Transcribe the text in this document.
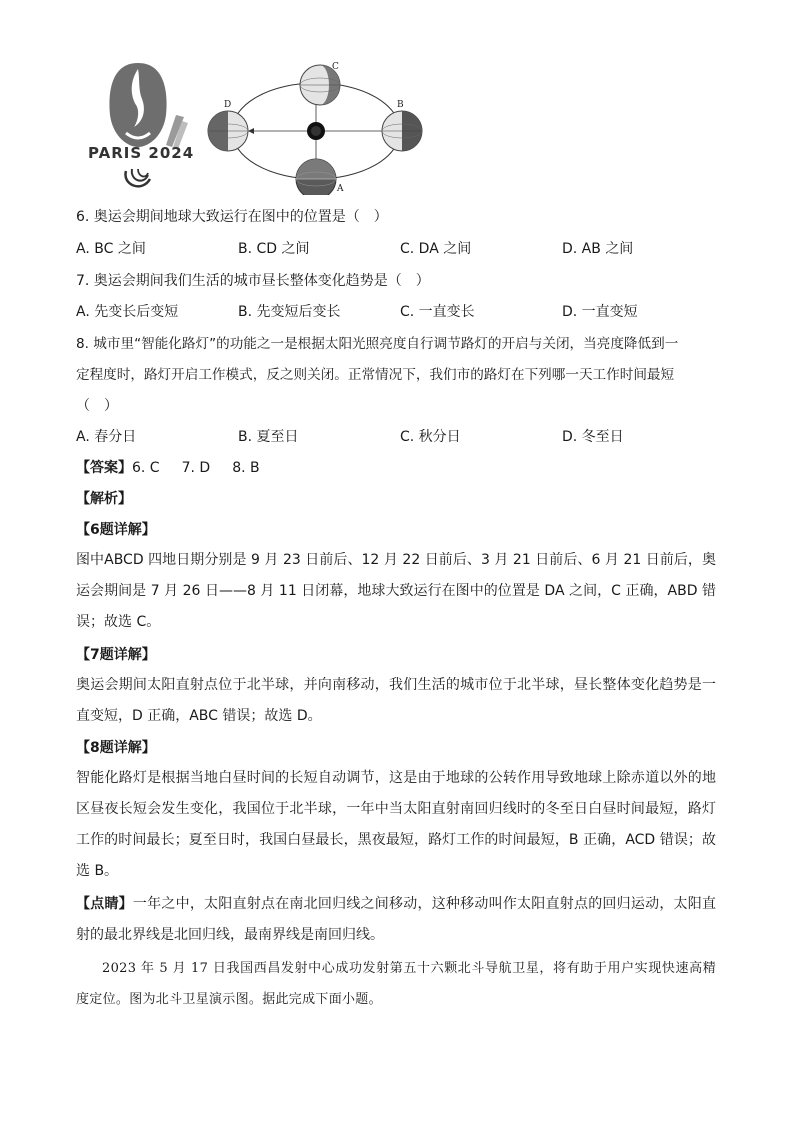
PARIS 2024
C
D	B
A
6. 奥运会期间地球大致运行在图中的位置是（　）
A. BC 之间	B. CD 之间	C. DA 之间	D. AB 之间
7. 奥运会期间我们生活的城市昼长整体变化趋势是（　）
A. 先变长后变短	B. 先变短后变长	C. 一直变长	D. 一直变短
8. 城市里“智能化路灯”的功能之一是根据太阳光照亮度自行调节路灯的开启与关闭，当亮度降低到一
定程度时，路灯开启工作模式，反之则关闭。正常情况下，我们市的路灯在下列哪一天工作时间最短
（　）
A. 春分日	B. 夏至日	C. 秋分日	D. 冬至日
【答案】6. C 7. D 8. B
【解析】
【6题详解】
图中ABCD 四地日期分别是 9 月 23 日前后、12 月 22 日前后、3 月 21 日前后、6 月 21 日前后，奥运会期间是 7 月 26 日——8 月 11 日闭幕，地球大致运行在图中的位置是 DA 之间，C 正确，ABD 错误；故选 C。
【7题详解】
奥运会期间太阳直射点位于北半球，并向南移动，我们生活的城市位于北半球，昼长整体变化趋势是一直变短，D 正确，ABC 错误；故选 D。
【8题详解】
智能化路灯是根据当地白昼时间的长短自动调节，这是由于地球的公转作用导致地球上除赤道以外的地区昼夜长短会发生变化，我国位于北半球，一年中当太阳直射南回归线时的冬至日白昼时间最短，路灯工作的时间最长；夏至日时，我国白昼最长，黑夜最短，路灯工作的时间最短，B 正确，ACD 错误；故选 B。
【点睛】一年之中，太阳直射点在南北回归线之间移动，这种移动叫作太阳直射点的回归运动，太阳直射的最北界线是北回归线，最南界线是南回归线。
2023 年 5 月 17 日我国西昌发射中心成功发射第五十六颗北斗导航卫星，将有助于用户实现快速高精度定位。图为北斗卫星演示图。据此完成下面小题。
